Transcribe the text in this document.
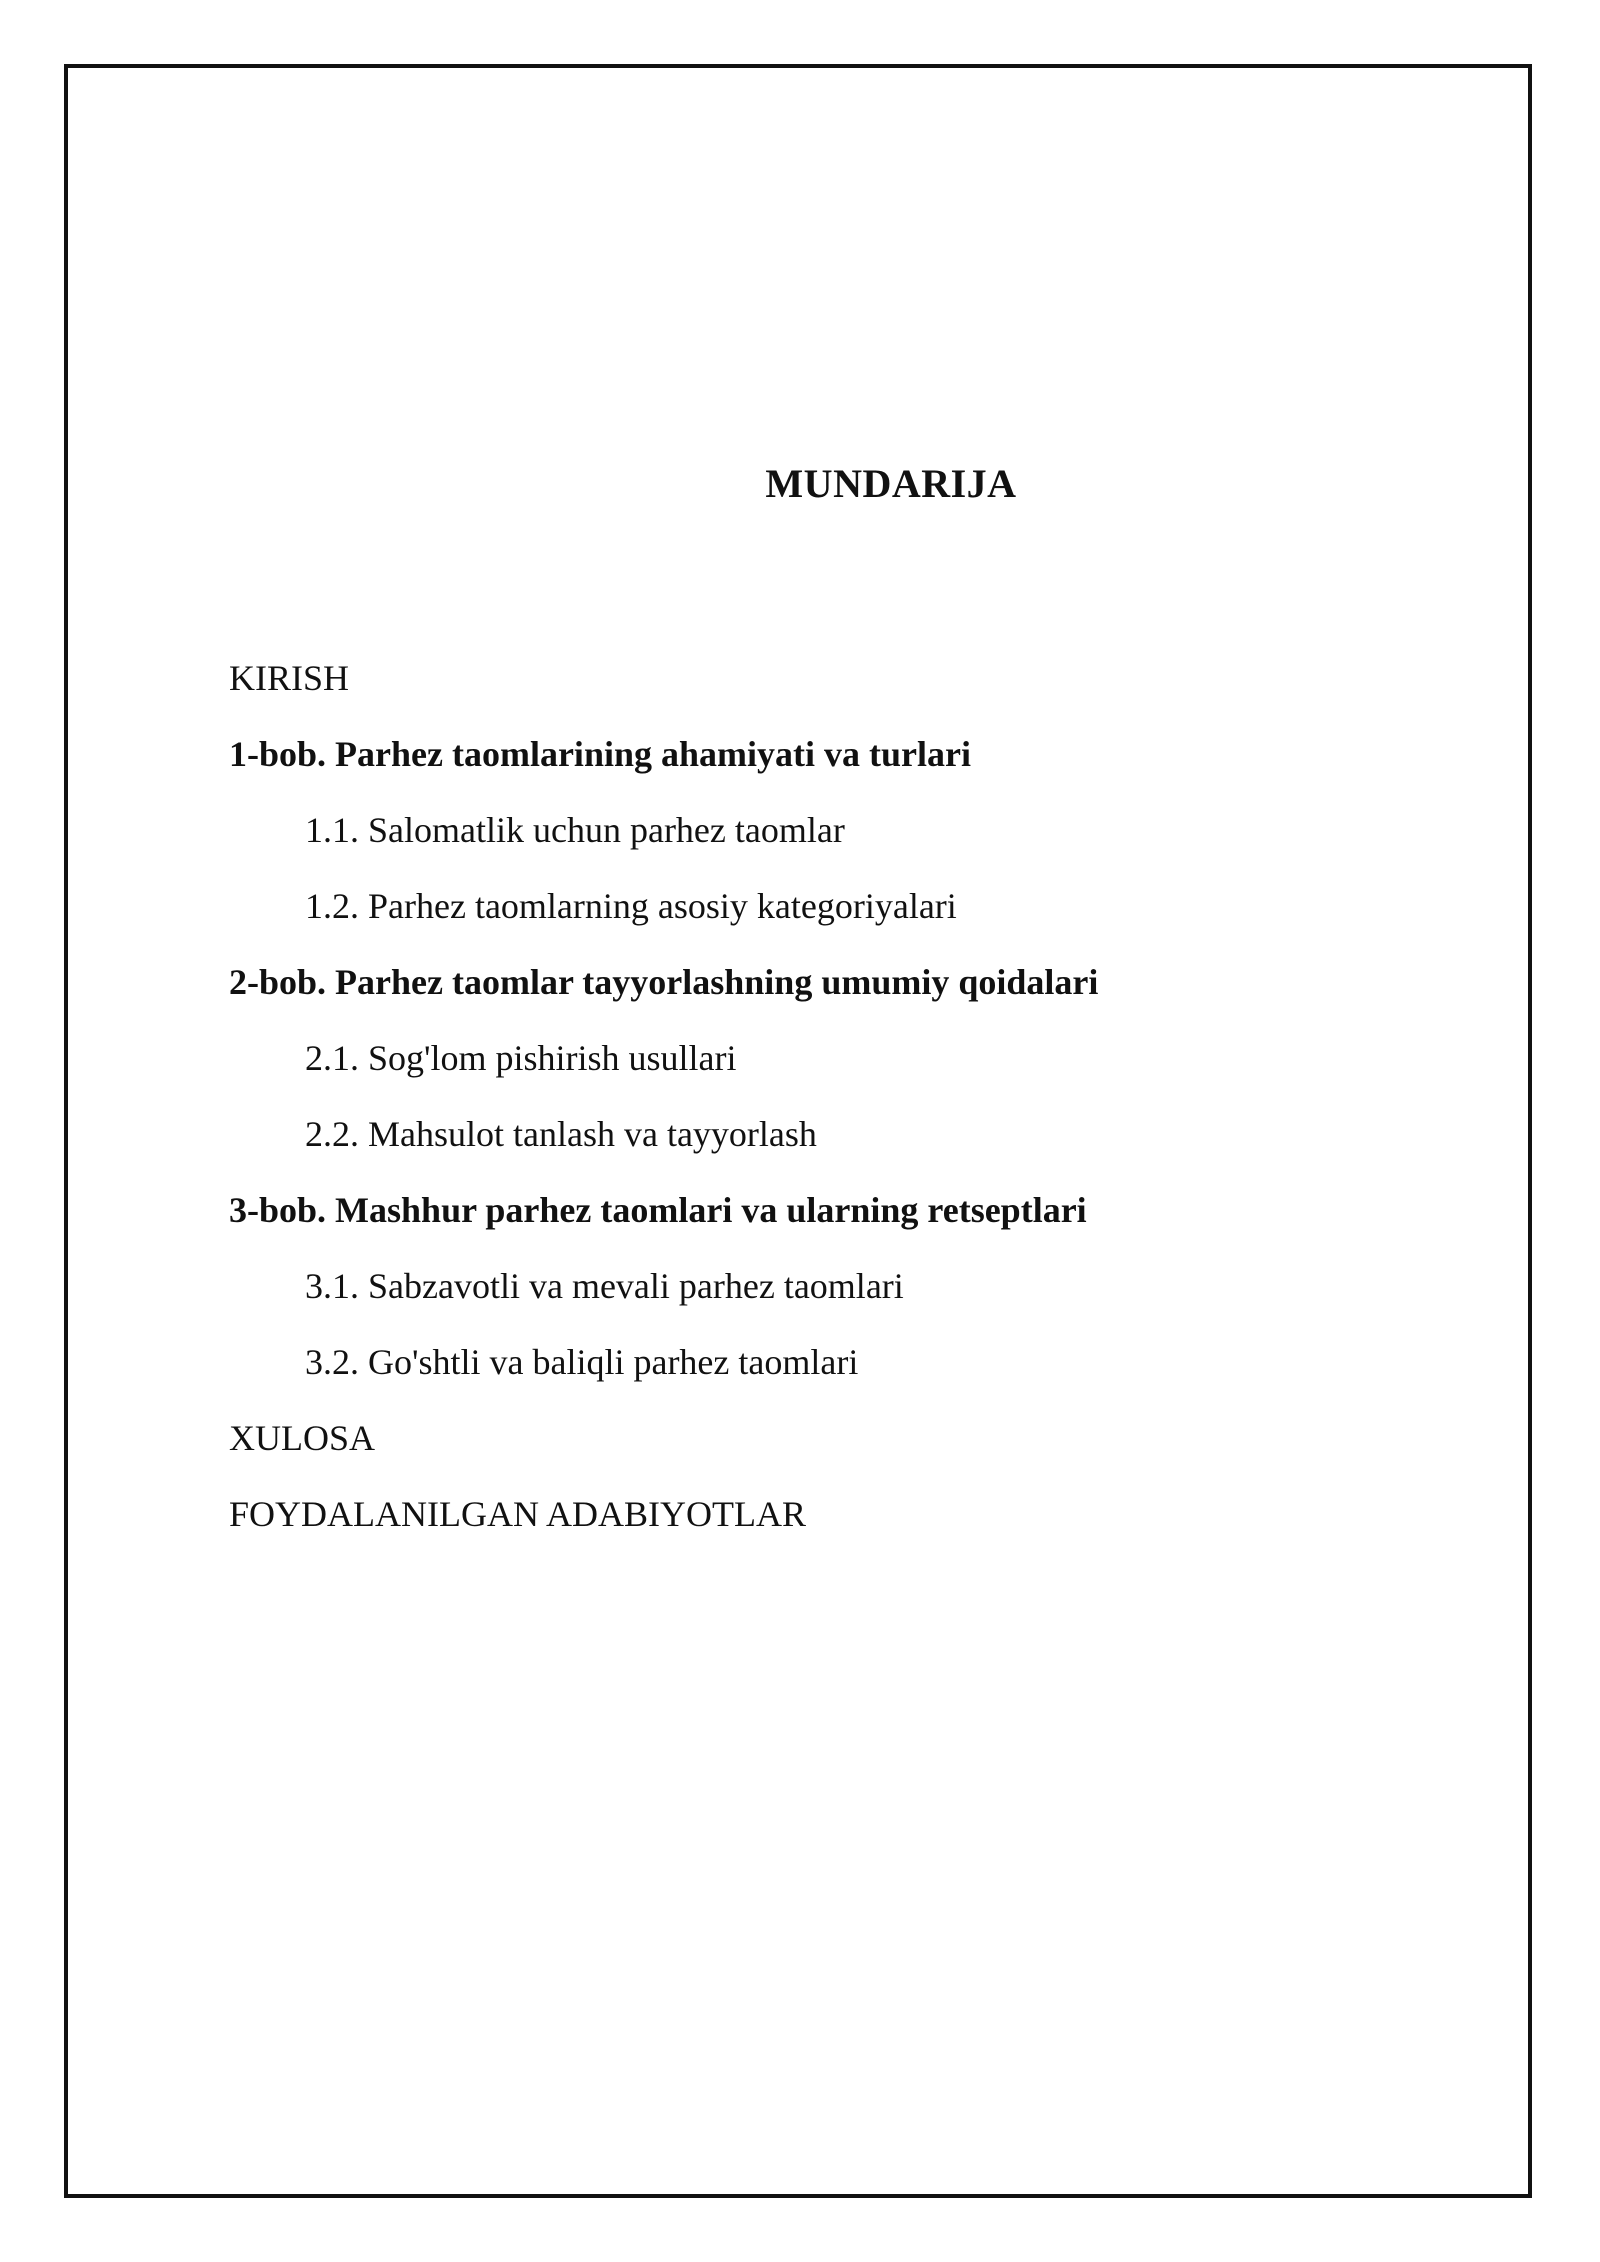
MUNDARIJA
KIRISH
1-bob. Parhez taomlarining ahamiyati va turlari
1.1. Salomatlik uchun parhez taomlar
1.2. Parhez taomlarning asosiy kategoriyalari
2-bob. Parhez taomlar tayyorlashning umumiy qoidalari
2.1. Sog'lom pishirish usullari
2.2. Mahsulot tanlash va tayyorlash
3-bob. Mashhur parhez taomlari va ularning retseptlari
3.1. Sabzavotli va mevali parhez taomlari
3.2. Go'shtli va baliqli parhez taomlari
XULOSA
FOYDALANILGAN ADABIYOTLAR
